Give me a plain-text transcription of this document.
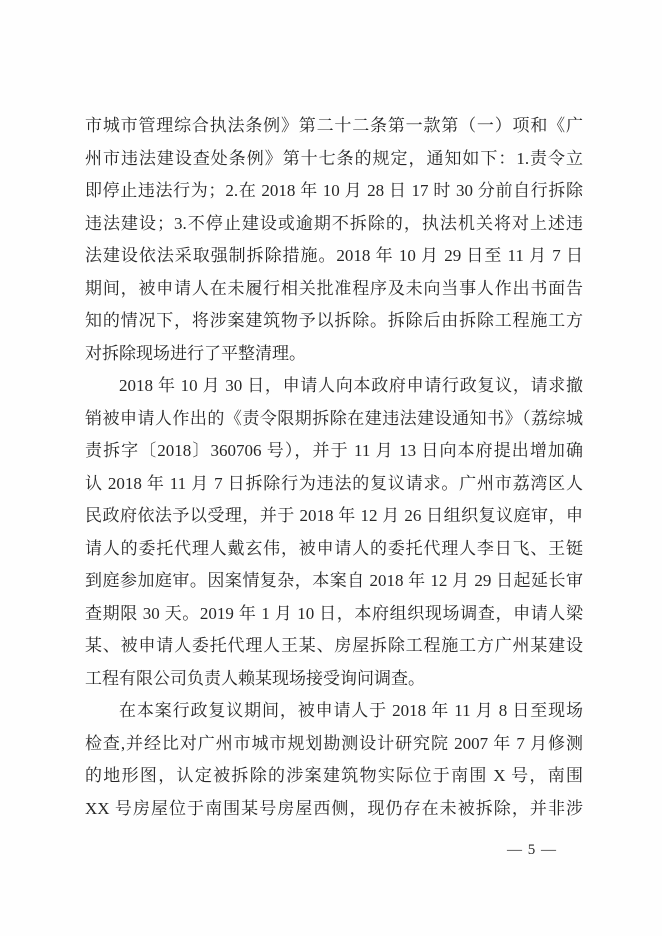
市城市管理综合执法条例》第二十二条第一款第（一）项和《广
州市违法建设查处条例》第十七条的规定，通知如下：1.责令立
即停止违法行为；2.在 2018 年 10 月 28 日 17 时 30 分前自行拆除
违法建设；3.不停止建设或逾期不拆除的，执法机关将对上述违
法建设依法采取强制拆除措施。2018 年 10 月 29 日至 11 月 7 日
期间，被申请人在未履行相关批准程序及未向当事人作出书面告
知的情况下，将涉案建筑物予以拆除。拆除后由拆除工程施工方
对拆除现场进行了平整清理。
2018 年 10 月 30 日，申请人向本政府申请行政复议，请求撤
销被申请人作出的《责令限期拆除在建违法建设通知书》（荔综城
责拆字〔2018〕360706 号），并于 11 月 13 日向本府提出增加确
认 2018 年 11 月 7 日拆除行为违法的复议请求。广州市荔湾区人
民政府依法予以受理，并于 2018 年 12 月 26 日组织复议庭审，申
请人的委托代理人戴玄伟，被申请人的委托代理人李日飞、王铤
到庭参加庭审。因案情复杂，本案自 2018 年 12 月 29 日起延长审
查期限 30 天。2019 年 1 月 10 日，本府组织现场调查，申请人梁
某、被申请人委托代理人王某、房屋拆除工程施工方广州某建设
工程有限公司负责人赖某现场接受询问调查。
在本案行政复议期间，被申请人于 2018 年 11 月 8 日至现场
检查,并经比对广州市城市规划勘测设计研究院 2007 年 7 月修测
的地形图，认定被拆除的涉案建筑物实际位于南围 X 号，南围
XX 号房屋位于南围某号房屋西侧，现仍存在未被拆除，并非涉
— 5 —
